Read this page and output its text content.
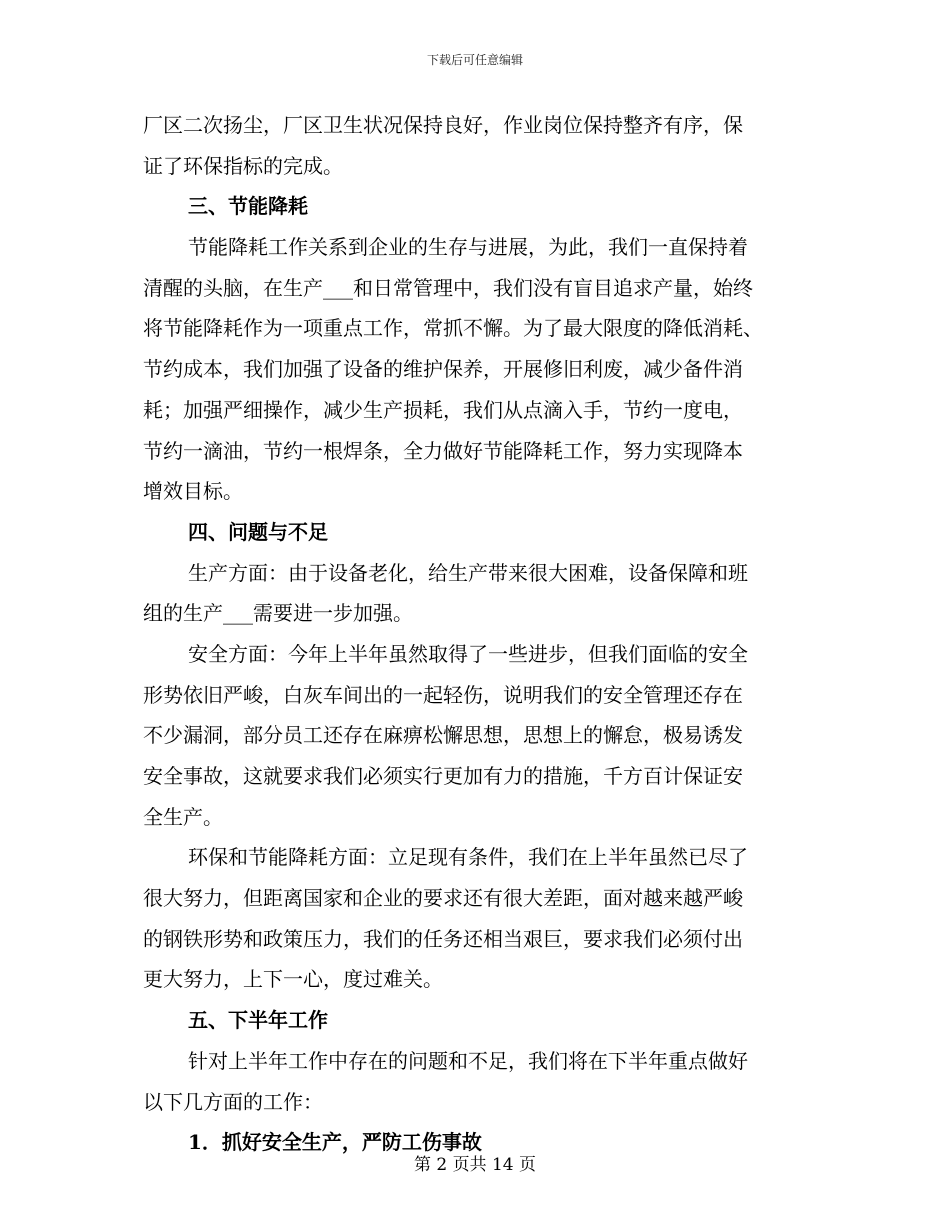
下载后可任意编辑
厂区二次扬尘，厂区卫生状况保持良好，作业岗位保持整齐有序，保
证了环保指标的完成。
三、节能降耗
节能降耗工作关系到企业的生存与进展，为此，我们一直保持着
清醒的头脑，在生产___和日常管理中，我们没有盲目追求产量，始终
将节能降耗作为一项重点工作，常抓不懈。为了最大限度的降低消耗、
节约成本，我们加强了设备的维护保养，开展修旧利废，减少备件消
耗；加强严细操作，减少生产损耗，我们从点滴入手，节约一度电，
节约一滴油，节约一根焊条，全力做好节能降耗工作，努力实现降本
增效目标。
四、问题与不足
生产方面：由于设备老化，给生产带来很大困难，设备保障和班
组的生产___需要进一步加强。
安全方面：今年上半年虽然取得了一些进步，但我们面临的安全
形势依旧严峻，白灰车间出的一起轻伤，说明我们的安全管理还存在
不少漏洞，部分员工还存在麻痹松懈思想，思想上的懈怠，极易诱发
安全事故，这就要求我们必须实行更加有力的措施，千方百计保证安
全生产。
环保和节能降耗方面：立足现有条件，我们在上半年虽然已尽了
很大努力，但距离国家和企业的要求还有很大差距，面对越来越严峻
的钢铁形势和政策压力，我们的任务还相当艰巨，要求我们必须付出
更大努力，上下一心，度过难关。
五、下半年工作
针对上半年工作中存在的问题和不足，我们将在下半年重点做好
以下几方面的工作：
1．抓好安全生产，严防工伤事故
第 2 页共 14 页
